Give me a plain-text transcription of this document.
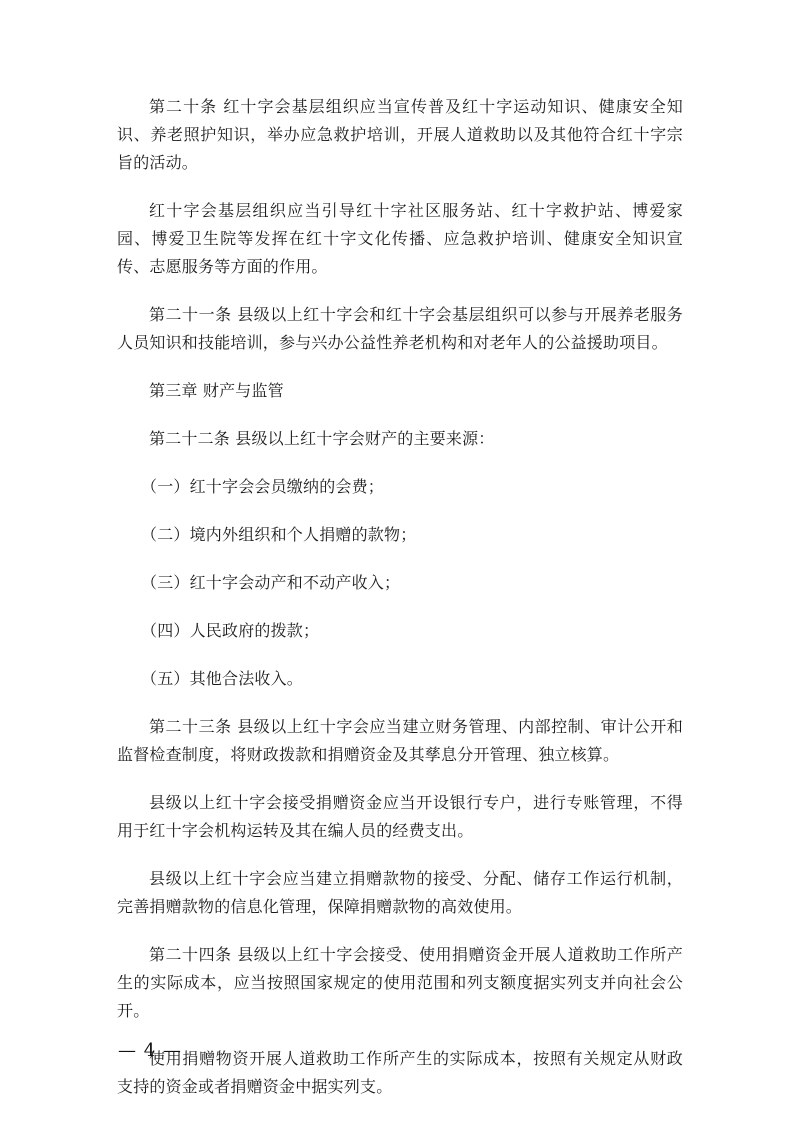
第二十条 红十字会基层组织应当宣传普及红十字运动知识、健康安全知识、养老照护知识，举办应急救护培训，开展人道救助以及其他符合红十字宗旨的活动。

红十字会基层组织应当引导红十字社区服务站、红十字救护站、博爱家园、博爱卫生院等发挥在红十字文化传播、应急救护培训、健康安全知识宣传、志愿服务等方面的作用。

第二十一条 县级以上红十字会和红十字会基层组织可以参与开展养老服务人员知识和技能培训，参与兴办公益性养老机构和对老年人的公益援助项目。

第三章 财产与监管

第二十二条 县级以上红十字会财产的主要来源：

（一）红十字会会员缴纳的会费；

（二）境内外组织和个人捐赠的款物；

（三）红十字会动产和不动产收入；

（四）人民政府的拨款；

（五）其他合法收入。

第二十三条 县级以上红十字会应当建立财务管理、内部控制、审计公开和监督检查制度，将财政拨款和捐赠资金及其孳息分开管理、独立核算。

县级以上红十字会接受捐赠资金应当开设银行专户，进行专账管理，不得用于红十字会机构运转及其在编人员的经费支出。

县级以上红十字会应当建立捐赠款物的接受、分配、储存工作运行机制，完善捐赠款物的信息化管理，保障捐赠款物的高效使用。

第二十四条 县级以上红十字会接受、使用捐赠资金开展人道救助工作所产生的实际成本，应当按照国家规定的使用范围和列支额度据实列支并向社会公开。

使用捐赠物资开展人道救助工作所产生的实际成本，按照有关规定从财政支持的资金或者捐赠资金中据实列支。

— 4 —
